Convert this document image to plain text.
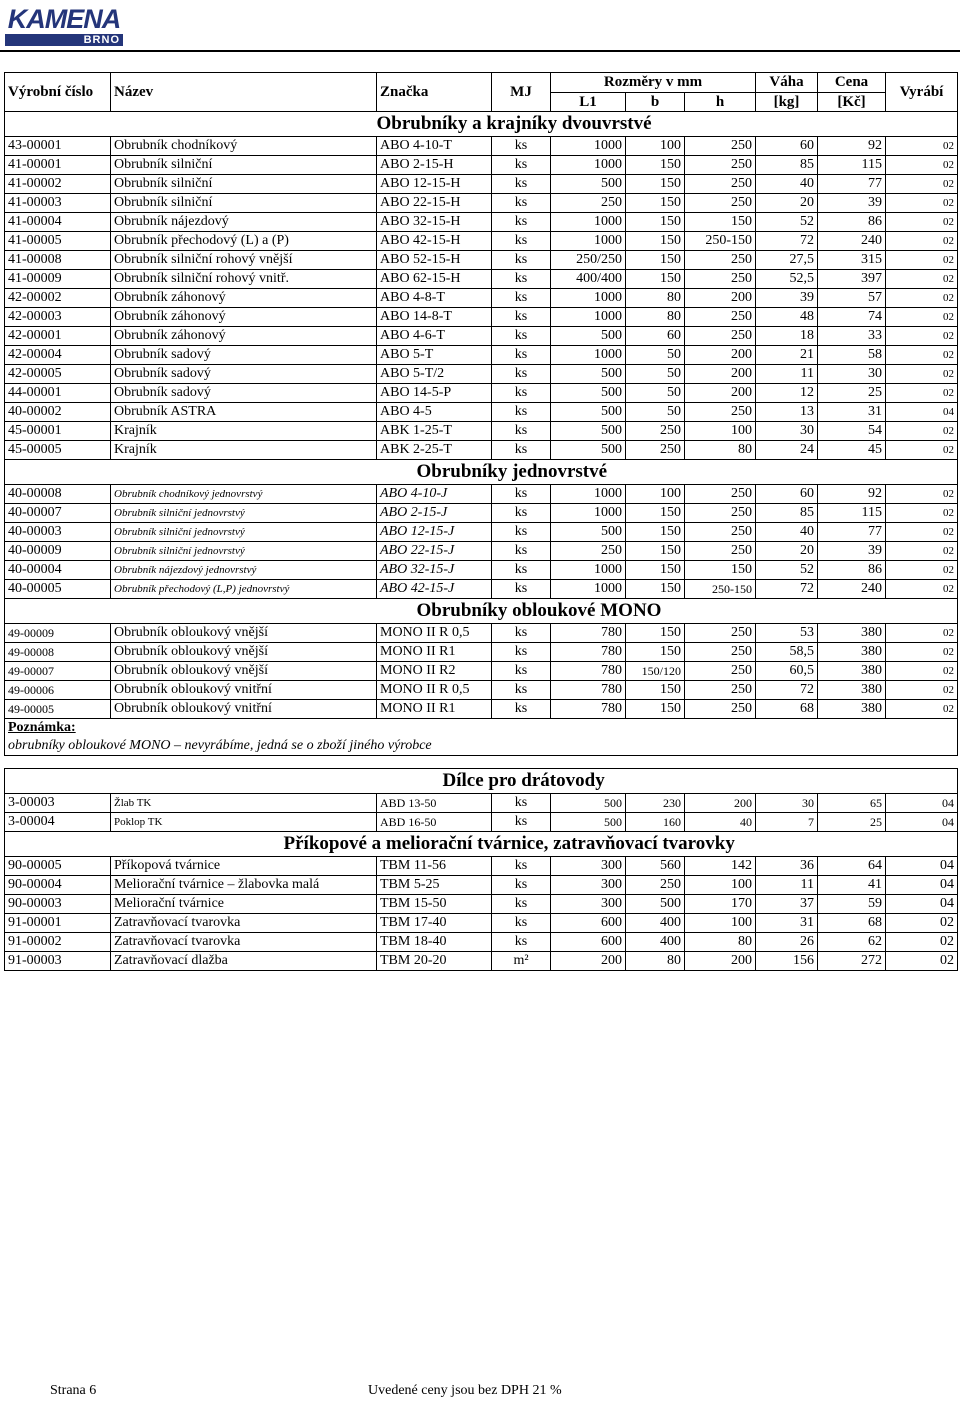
KAMENA
BRNO
Výrobní číslo	Název	Značka	MJ	Rozměry v mm	Váha	Cena	Vyrábí
L1	b	h	[kg]	[Kč]
	Obrubníky a krajníky dvouvrstvé
43-00001	Obrubník chodníkový	ABO 4-10-T	ks	1000	100	250	60	92	02
41-00001	Obrubník silniční	ABO 2-15-H	ks	1000	150	250	85	115	02
41-00002	Obrubník silniční	ABO 12-15-H	ks	500	150	250	40	77	02
41-00003	Obrubník silniční	ABO 22-15-H	ks	250	150	250	20	39	02
41-00004	Obrubník nájezdový	ABO 32-15-H	ks	1000	150	150	52	86	02
41-00005	Obrubník přechodový (L) a (P)	ABO 42-15-H	ks	1000	150	250-150	72	240	02
41-00008	Obrubník silniční rohový vnější	ABO 52-15-H	ks	250/250	150	250	27,5	315	02
41-00009	Obrubník silniční rohový vnitř.	ABO 62-15-H	ks	400/400	150	250	52,5	397	02
42-00002	Obrubník záhonový	ABO 4-8-T	ks	1000	80	200	39	57	02
42-00003	Obrubník záhonový	ABO 14-8-T	ks	1000	80	250	48	74	02
42-00001	Obrubník záhonový	ABO 4-6-T	ks	500	60	250	18	33	02
42-00004	Obrubník sadový	ABO 5-T	ks	1000	50	200	21	58	02
42-00005	Obrubník sadový	ABO 5-T/2	ks	500	50	200	11	30	02
44-00001	Obrubník sadový	ABO 14-5-P	ks	500	50	200	12	25	02
40-00002	Obrubník ASTRA	ABO 4-5	ks	500	50	250	13	31	04
45-00001	Krajník	ABK 1-25-T	ks	500	250	100	30	54	02
45-00005	Krajník	ABK 2-25-T	ks	500	250	80	24	45	02
	Obrubníky jednovrstvé
40-00008	Obrubník chodníkový jednovrstvý	ABO 4-10-J	ks	1000	100	250	60	92	02
40-00007	Obrubník silniční jednovrstvý	ABO 2-15-J	ks	1000	150	250	85	115	02
40-00003	Obrubník silniční jednovrstvý	ABO 12-15-J	ks	500	150	250	40	77	02
40-00009	Obrubník silniční jednovrstvý	ABO 22-15-J	ks	250	150	250	20	39	02
40-00004	Obrubník nájezdový jednovrstvý	ABO 32-15-J	ks	1000	150	150	52	86	02
40-00005	Obrubník přechodový (L,P) jednovrstvý	ABO 42-15-J	ks	1000	150	250-150	72	240	02
	Obrubníky obloukové MONO
49-00009	Obrubník obloukový vnější	MONO II R 0,5	ks	780	150	250	53	380	02
49-00008	Obrubník obloukový vnější	MONO II R1	ks	780	150	250	58,5	380	02
49-00007	Obrubník obloukový vnější	MONO II R2	ks	780	150/120	250	60,5	380	02
49-00006	Obrubník obloukový vnitřní	MONO II R 0,5	ks	780	150	250	72	380	02
49-00005	Obrubník obloukový vnitřní	MONO II R1	ks	780	150	250	68	380	02
Poznámka:
obrubníky obloukové MONO – nevyrábíme, jedná se o zboží jiného výrobce

	Dílce pro drátovody
3-00003	Žlab TK	ABD 13-50	ks	500	230	200	30	65	04
3-00004	Poklop TK	ABD 16-50	ks	500	160	40	7	25	04
	Příkopové a meliorační tvárnice, zatravňovací tvarovky
90-00005	Příkopová tvárnice	TBM 11-56	ks	300	560	142	36	64	04
90-00004	Meliorační tvárnice – žlabovka malá	TBM 5-25	ks	300	250	100	11	41	04
90-00003	Meliorační tvárnice	TBM 15-50	ks	300	500	170	37	59	04
91-00001	Zatravňovací tvarovka	TBM 17-40	ks	600	400	100	31	68	02
91-00002	Zatravňovací tvarovka	TBM 18-40	ks	600	400	80	26	62	02
91-00003	Zatravňovací dlažba	TBM 20-20	m²	200	80	200	156	272	02
Strana 6	Uvedené ceny jsou bez DPH 21 %
